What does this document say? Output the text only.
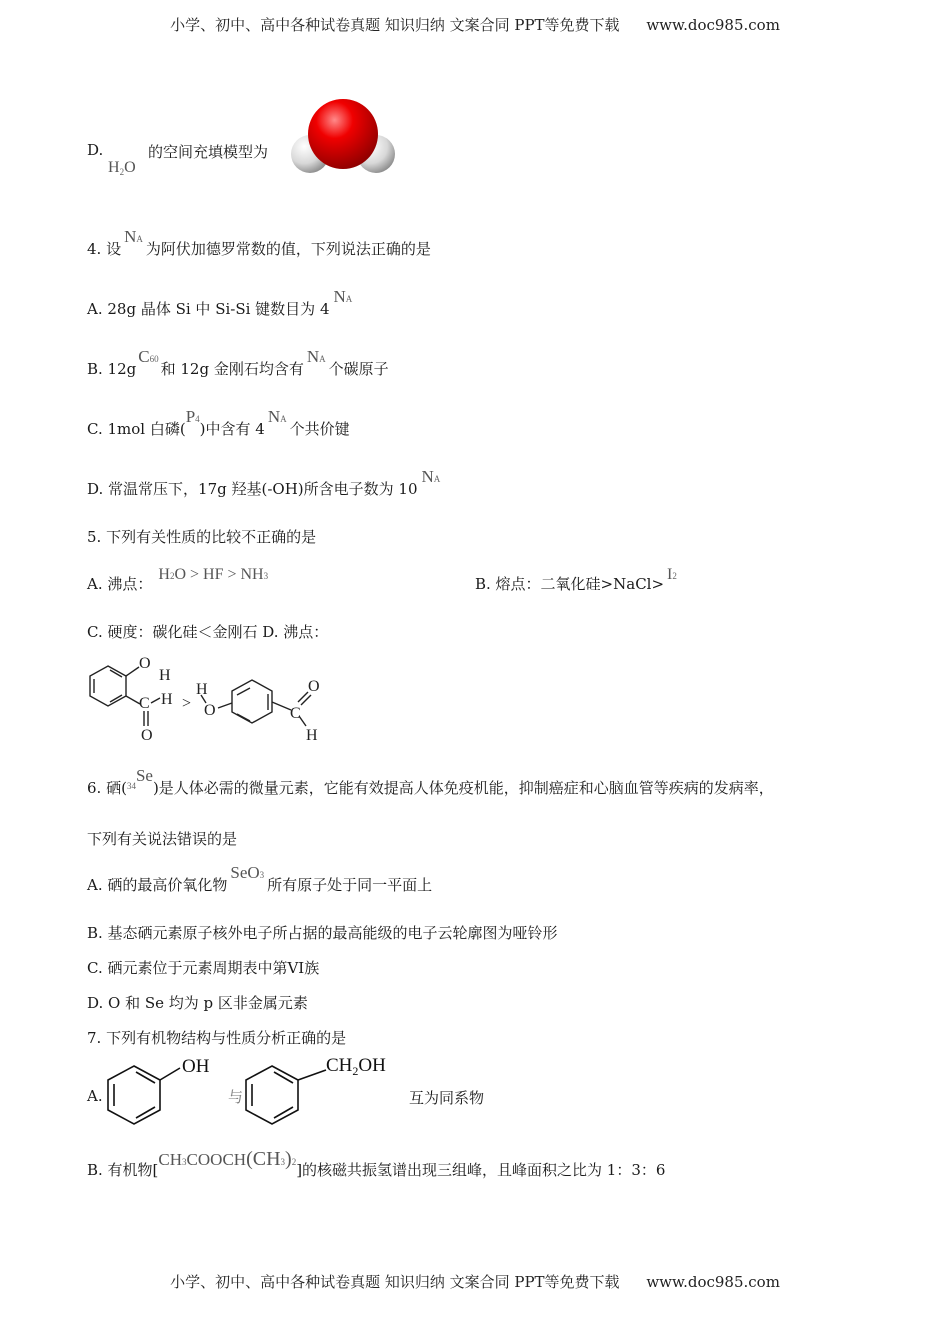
小学、初中、高中各种试卷真题 知识归纳 文案合同 PPT等免费下载 www.doc985.com
D.
$H_2O$
的空间充填模型为
4. 设NA为阿伏加德罗常数的值，下列说法正确的是
A. 28g 晶体 Si 中 Si-Si 键数目为 4NA
B. 12gC60和 12g 金刚石均含有NA个碳原子
C. 1mol 白磷(P4)中含有 4NA个共价键
D. 常温常压下，17g 羟基(-OH)所含电子数为 10NA
5. 下列有关性质的比较不正确的是
A. 沸点：H2O > HF > NH3	B. 熔点：二氧化硅>NaCl>I2
C. 硬度：碳化硅＜金刚石 D. 沸点：
O
H
C H
O
>
H
O	C
O
H
6. 硒$(_{34}Se)$是人体必需的微量元素，它能有效提高人体免疫机能，抑制癌症和心脑血管等疾病的发病率，
下列有关说法错误的是
A. 硒的最高价氧化物SeO3所有原子处于同一平面上
B. 基态硒元素原子核外电子所占据的最高能级的电子云轮廓图为哑铃形
C. 硒元素位于元素周期表中第VI族
D. O 和 Se 均为 p 区非金属元素
7. 下列有机物结构与性质分析正确的是
A.
OH	$CH_2OH$
与	互为同系物
B. 有机物[CH3COOCH(CH3)2]的核磁共振氢谱出现三组峰，且峰面积之比为 1：3：6
小学、初中、高中各种试卷真题 知识归纳 文案合同 PPT等免费下载 www.doc985.com
